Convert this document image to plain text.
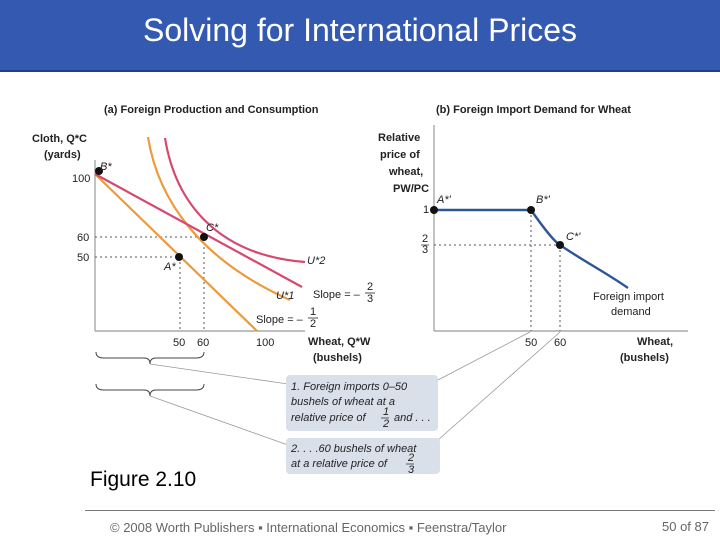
Solving for International Prices
(a) Foreign Production and Consumption
Cloth, Q*C
(yards)
100
60
50
50 60	100	Wheat, Q*W
(bushels)
B*
C*
A*	U*2
U*1 Slope = –
2
3
Slope = –
1
2
(b) Foreign Import Demand for Wheat
Relative
price of
wheat,
PW/PC
1
2
3
A*'	B*'
C*'
Foreign import
demand
50 60	Wheat,
(bushels)
1. Foreign imports 0–50
bushels of wheat at a
relative price of 1
2 and . . .
2. . . .60 bushels of wheat
at a relative price of 2
3
Figure 2.10
© 2008 Worth Publishers ▪ International Economics ▪ Feenstra/Taylor	50 of 87
